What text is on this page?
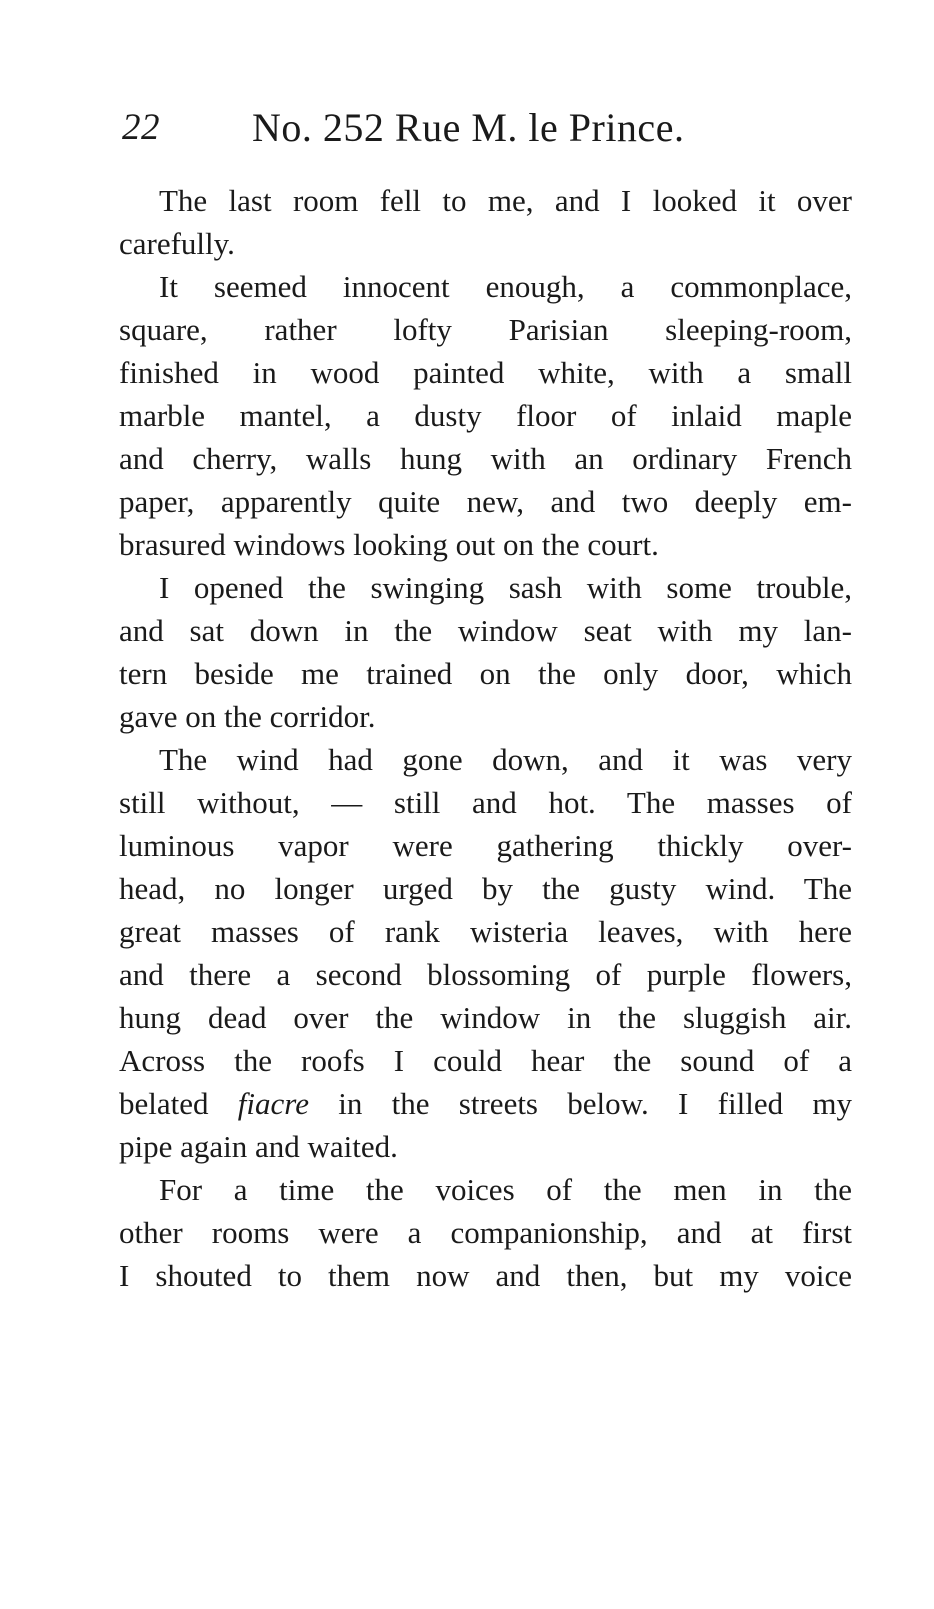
22 No. 252 Rue M. le Prince.
The last room fell to me, and I looked it over
carefully.
It seemed innocent enough, a commonplace,
square, rather lofty Parisian sleeping-room,
finished in wood painted white, with a small
marble mantel, a dusty floor of inlaid maple
and cherry, walls hung with an ordinary French
paper, apparently quite new, and two deeply em-
brasured windows looking out on the court.
I opened the swinging sash with some trouble,
and sat down in the window seat with my lan-
tern beside me trained on the only door, which
gave on the corridor.
The wind had gone down, and it was very
still without, — still and hot. The masses of
luminous vapor were gathering thickly over-
head, no longer urged by the gusty wind. The
great masses of rank wisteria leaves, with here
and there a second blossoming of purple flowers,
hung dead over the window in the sluggish air.
Across the roofs I could hear the sound of a
belated fiacre in the streets below. I filled my
pipe again and waited.
For a time the voices of the men in the
other rooms were a companionship, and at first
I shouted to them now and then, but my voice
